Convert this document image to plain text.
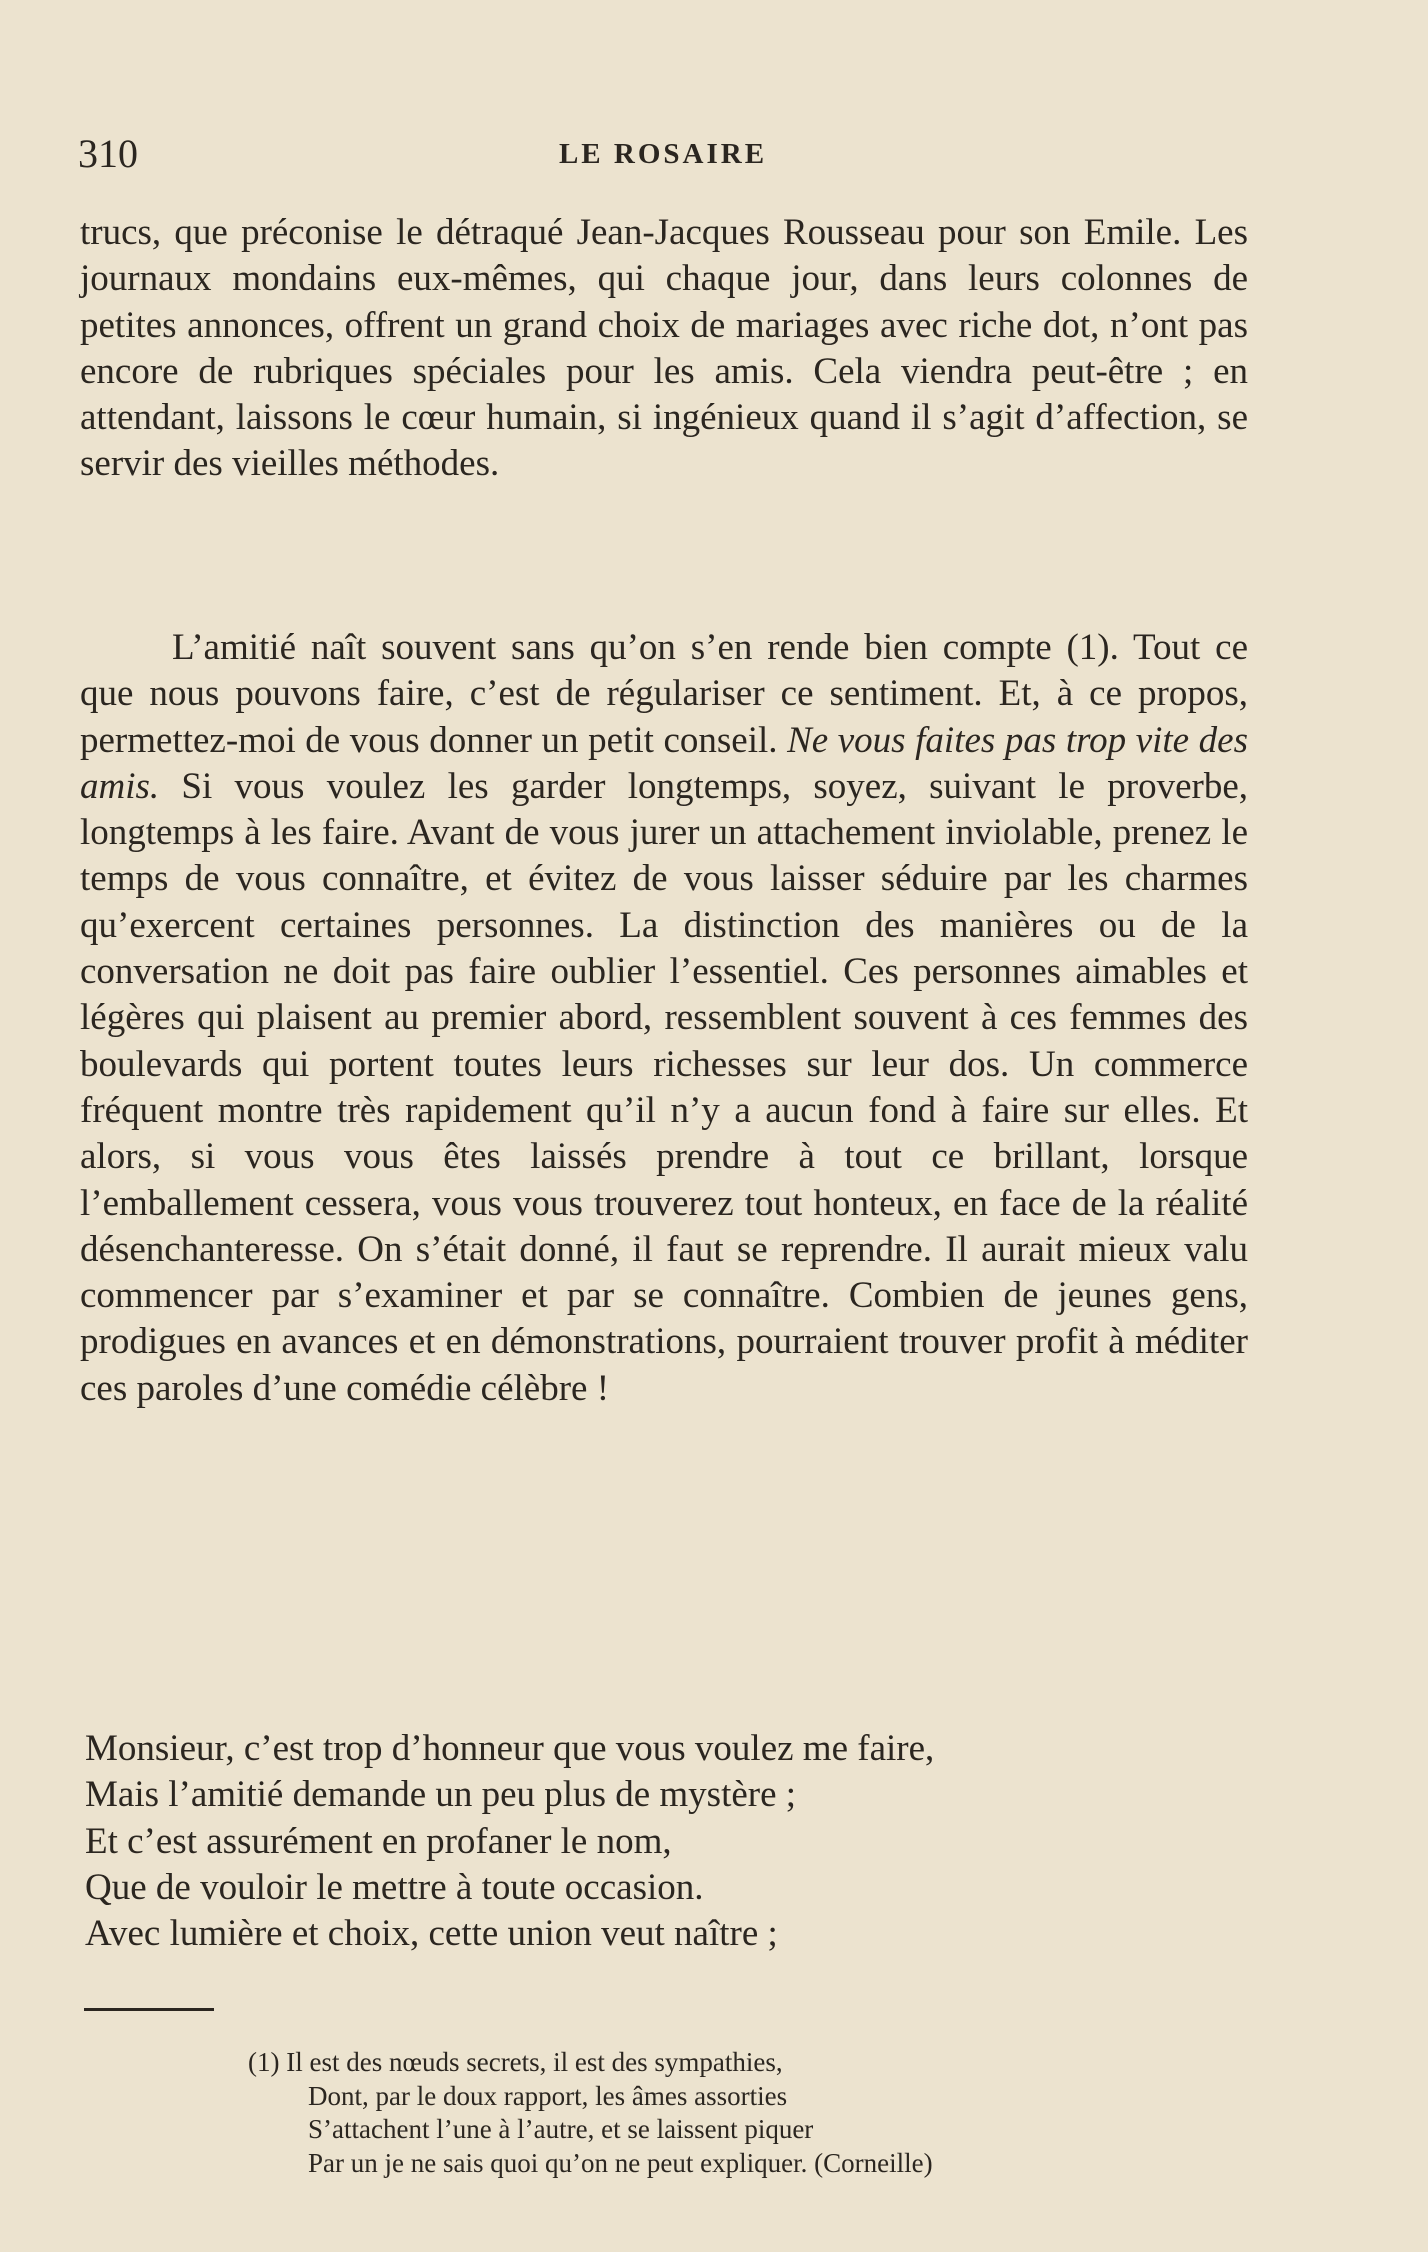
310	LE ROSAIRE

trucs, que préconise le détraqué Jean-Jacques Rousseau pour son Emile. Les journaux mondains eux-mêmes, qui chaque jour, dans leurs colonnes de petites annonces, offrent un grand choix de mariages avec riche dot, n’ont pas encore de rubriques spéciales pour les amis. Cela viendra peut-être ; en attendant, laissons le cœur humain, si ingénieux quand il s’agit d’affection, se servir des vieilles méthodes.

L’amitié naît souvent sans qu’on s’en rende bien compte (1). Tout ce que nous pouvons faire, c’est de régulariser ce sentiment. Et, à ce propos, permettez-moi de vous donner un petit conseil. Ne vous faites pas trop vite des amis. Si vous voulez les garder longtemps, soyez, suivant le proverbe, longtemps à les faire. Avant de vous jurer un attachement inviolable, prenez le temps de vous connaître, et évitez de vous laisser séduire par les charmes qu’exercent certaines personnes. La distinction des manières ou de la conversation ne doit pas faire oublier l’essentiel. Ces personnes aimables et légères qui plaisent au premier abord, ressemblent souvent à ces femmes des boulevards qui portent toutes leurs richesses sur leur dos. Un commerce fréquent montre très rapidement qu’il n’y a aucun fond à faire sur elles. Et alors, si vous vous êtes laissés prendre à tout ce brillant, lorsque l’emballement cessera, vous vous trouverez tout honteux, en face de la réalité désenchanteresse. On s’était donné, il faut se reprendre. Il aurait mieux valu commencer par s’examiner et par se connaître. Combien de jeunes gens, prodigues en avances et en démonstrations, pourraient trouver profit à méditer ces paroles d’une comédie célèbre !

Monsieur, c’est trop d’honneur que vous voulez me faire,
Mais l’amitié demande un peu plus de mystère ;
Et c’est assurément en profaner le nom,
Que de vouloir le mettre à toute occasion.
Avec lumière et choix, cette union veut naître ;
(1) Il est des nœuds secrets, il est des sympathies,
Dont, par le doux rapport, les âmes assorties
S’attachent l’une à l’autre, et se laissent piquer
Par un je ne sais quoi qu’on ne peut expliquer. (Corneille)
